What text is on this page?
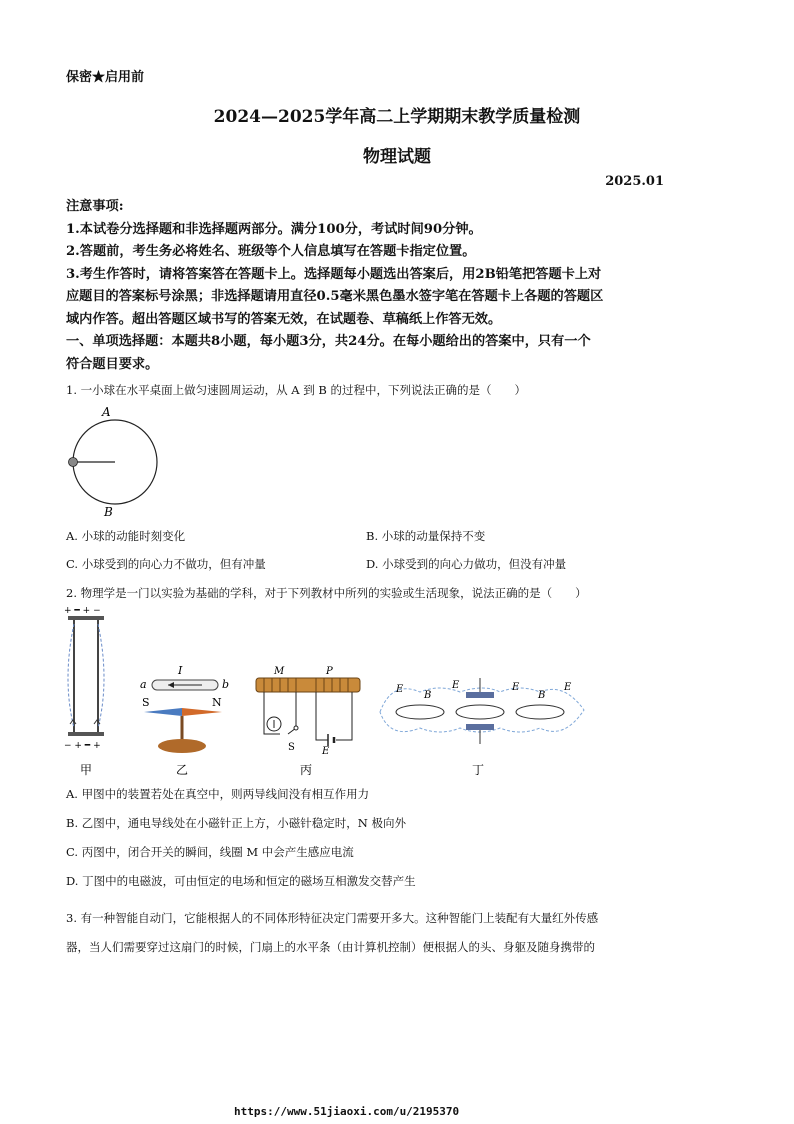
保密★启用前
2024—2025学年高二上学期期末教学质量检测
物理试题
2025.01
注意事项:
1.本试卷分选择题和非选择题两部分。满分100分，考试时间90分钟。
2.答题前，考生务必将姓名、班级等个人信息填写在答题卡指定位置。
3.考生作答时，请将答案答在答题卡上。选择题每小题选出答案后，用2B铅笔把答题卡上对
应题目的答案标号涂黑；非选择题请用直径0.5毫米黑色墨水签字笔在答题卡上各题的答题区
域内作答。超出答题区域书写的答案无效，在试题卷、草稿纸上作答无效。
一、单项选择题：本题共8小题，每小题3分，共24分。在每小题给出的答案中，只有一个
符合题目要求。
1. 一小球在水平桌面上做匀速圆周运动，从 A 到 B 的过程中，下列说法正确的是（　　）
A
B
A. 小球的动能时刻变化	B. 小球的动量保持不变
C. 小球受到的向心力不做功，但有冲量	D. 小球受到的向心力做功，但没有冲量
2. 物理学是一门以实验为基础的学科，对于下列教材中所列的实验或生活现象，说法正确的是（　　）
+ ━ + −
− + ━ +
甲
I
a	b
S	N
乙
M	P
S	E
丙
E
B
E	E
B
E
丁
A. 甲图中的装置若处在真空中，则两导线间没有相互作用力
B. 乙图中，通电导线处在小磁针正上方，小磁针稳定时，N 极向外
C. 丙图中，闭合开关的瞬间，线圈 M 中会产生感应电流
D. 丁图中的电磁波，可由恒定的电场和恒定的磁场互相激发交替产生
3. 有一种智能自动门，它能根据人的不同体形特征决定门需要开多大。这种智能门上装配有大量红外传感
器，当人们需要穿过这扇门的时候，门扇上的水平条（由计算机控制）便根据人的头、身躯及随身携带的
https://www.51jiaoxi.com/u/2195370
